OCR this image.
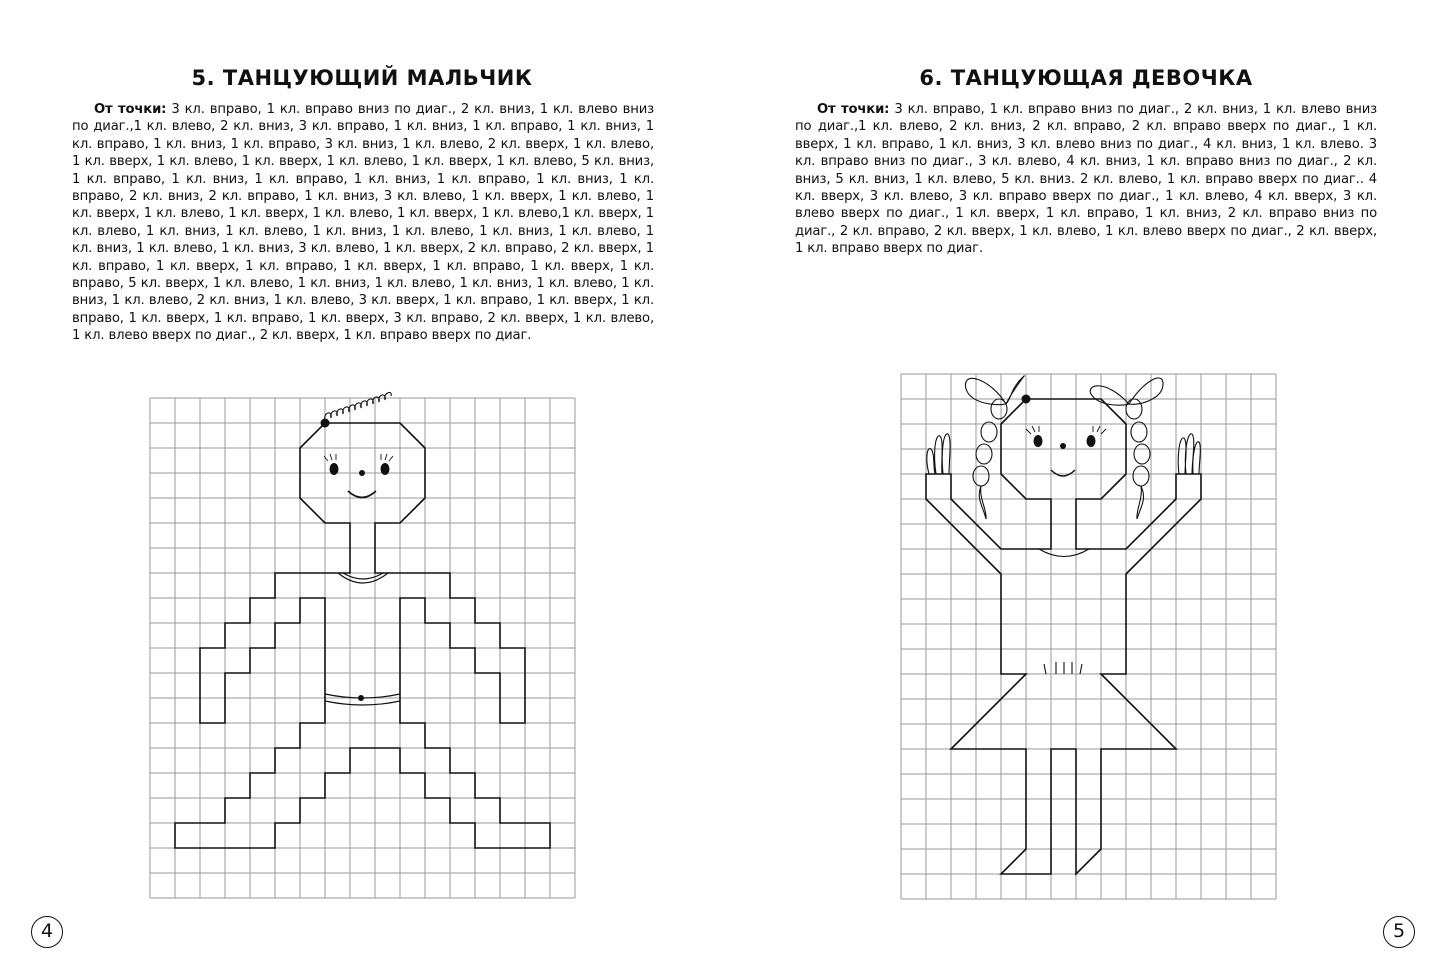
5. ТАНЦУЮЩИЙ МАЛЬЧИК

От точки: 3 кл. вправо, 1 кл. вправо вниз по диаг., 2 кл. вниз, 1 кл. влево вниз по диаг.,1 кл. влево, 2 кл. вниз, 3 кл. вправо, 1 кл. вниз, 1 кл. вправо, 1 кл. вниз, 1 кл. вправо, 1 кл. вниз, 1 кл. вправо, 3 кл. вниз, 1 кл. влево, 2 кл. вверх, 1 кл. влево, 1 кл. вверх, 1 кл. влево, 1 кл. вверх, 1 кл. влево, 1 кл. вверх, 1 кл. влево, 5 кл. вниз, 1 кл. вправо, 1 кл. вниз, 1 кл. вправо, 1 кл. вниз, 1 кл. вправо, 1 кл. вниз, 1 кл. вправо, 2 кл. вниз, 2 кл. вправо, 1 кл. вниз, 3 кл. влево, 1 кл. вверх, 1 кл. влево, 1 кл. вверх, 1 кл. влево, 1 кл. вверх, 1 кл. влево, 1 кл. вверх, 1 кл. влево,1 кл. вверх, 1 кл. влево, 1 кл. вниз, 1 кл. влево, 1 кл. вниз, 1 кл. влево, 1 кл. вниз, 1 кл. влево, 1 кл. вниз, 1 кл. влево, 1 кл. вниз, 3 кл. влево, 1 кл. вверх, 2 кл. вправо, 2 кл. вверх, 1 кл. вправо, 1 кл. вверх, 1 кл. вправо, 1 кл. вверх, 1 кл. вправо, 1 кл. вверх, 1 кл. вправо, 5 кл. вверх, 1 кл. влево, 1 кл. вниз, 1 кл. влево, 1 кл. вниз, 1 кл. влево, 1 кл. вниз, 1 кл. влево, 2 кл. вниз, 1 кл. влево, 3 кл. вверх, 1 кл. вправо, 1 кл. вверх, 1 кл. вправо, 1 кл. вверх, 1 кл. вправо, 1 кл. вверх, 3 кл. вправо, 2 кл. вверх, 1 кл. влево, 1 кл. влево вверх по диаг., 2 кл. вверх, 1 кл. вправо вверх по диаг.

6. ТАНЦУЮЩАЯ ДЕВОЧКА

От точки: 3 кл. вправо, 1 кл. вправо вниз по диаг., 2 кл. вниз, 1 кл. влево вниз по диаг.,1 кл. влево, 2 кл. вниз, 2 кл. вправо, 2 кл. вправо вверх по диаг., 1 кл. вверх, 1 кл. вправо, 1 кл. вниз, 3 кл. влево вниз по диаг., 4 кл. вниз, 1 кл. влево. 3 кл. вправо вниз по диаг., 3 кл. влево, 4 кл. вниз, 1 кл. вправо вниз по диаг., 2 кл. вниз, 5 кл. вниз, 1 кл. влево, 5 кл. вниз. 2 кл. влево, 1 кл. вправо вверх по диаг.. 4 кл. вверх, 3 кл. влево, 3 кл. вправо вверх по диаг., 1 кл. влево, 4 кл. вверх, 3 кл. влево вверх по диаг., 1 кл. вверх, 1 кл. вправо, 1 кл. вниз, 2 кл. вправо вниз по диаг., 2 кл. вправо, 2 кл. вверх, 1 кл. влево, 1 кл. влево вверх по диаг., 2 кл. вверх, 1 кл. вправо вверх по диаг.

4	5
